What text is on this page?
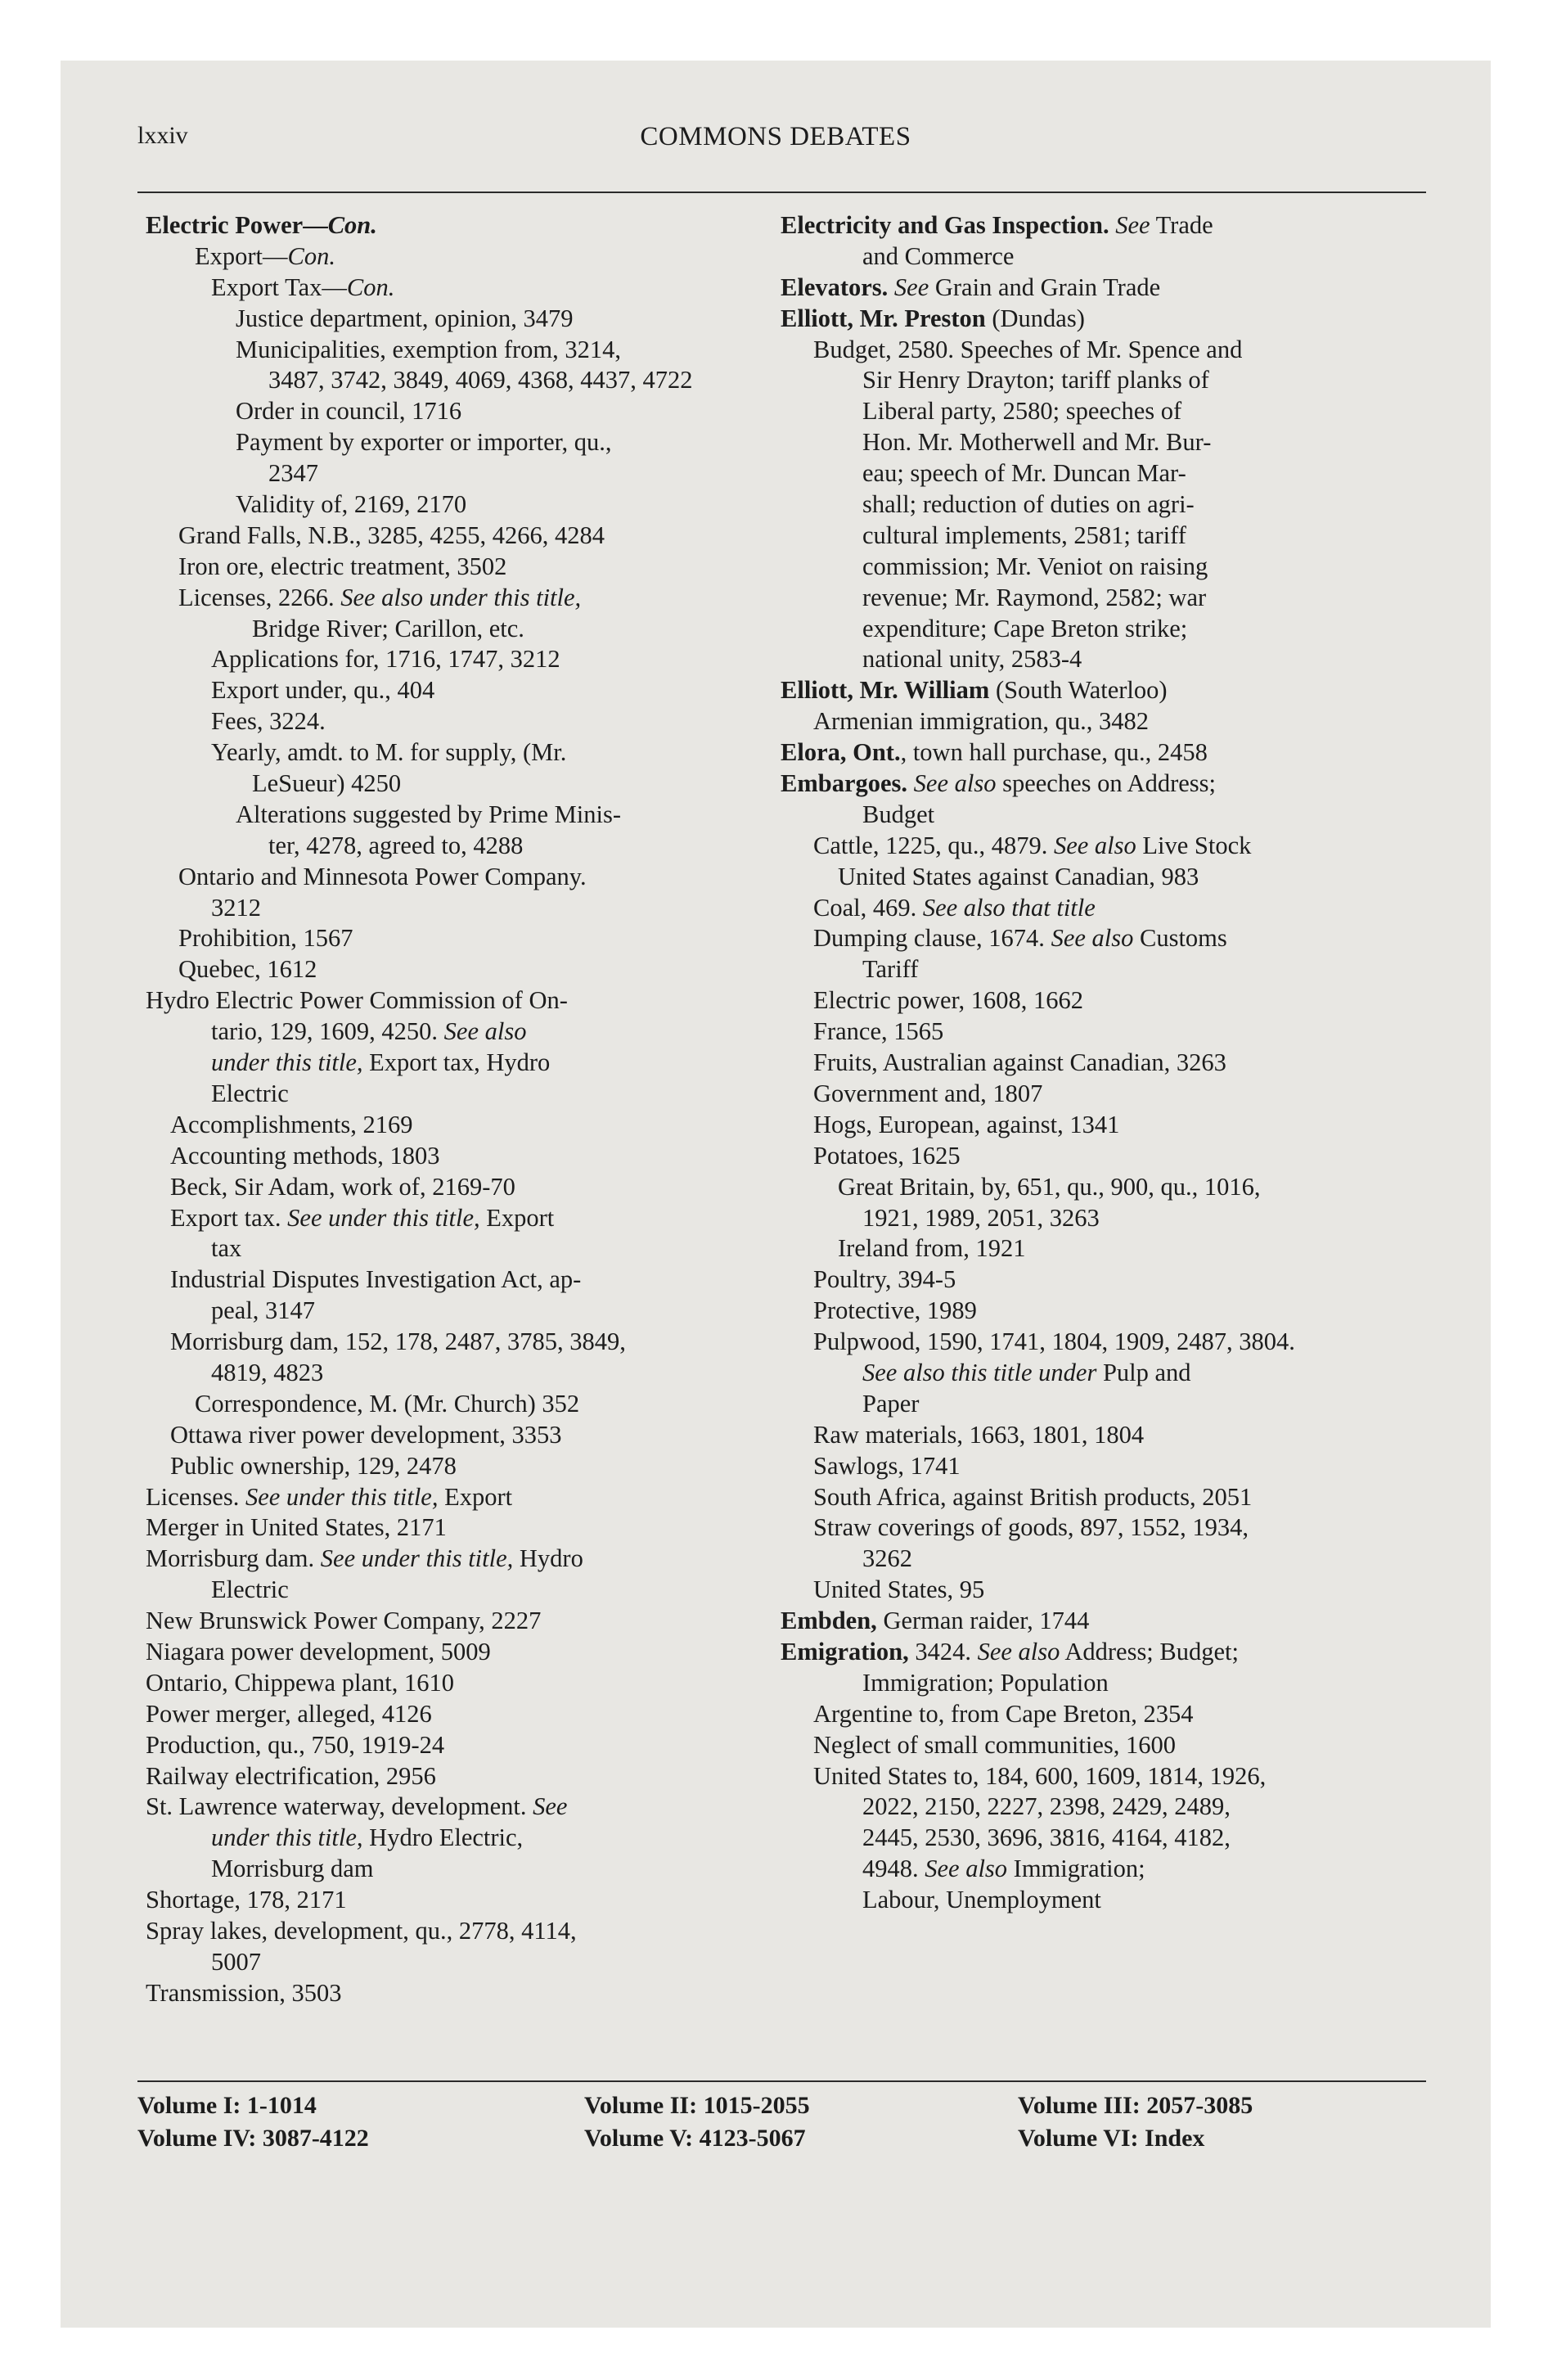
lxxiv	COMMONS DEBATES
Electric Power—Con.
Export—Con.
Export Tax—Con.
Justice department, opinion, 3479
Municipalities, exemption from, 3214,
3487, 3742, 3849, 4069, 4368, 4437, 4722
Order in council, 1716
Payment by exporter or importer, qu.,
2347
Validity of, 2169, 2170
Grand Falls, N.B., 3285, 4255, 4266, 4284
Iron ore, electric treatment, 3502
Licenses, 2266. See also under this title,
Bridge River; Carillon, etc.
Applications for, 1716, 1747, 3212
Export under, qu., 404
Fees, 3224.
Yearly, amdt. to M. for supply, (Mr.
LeSueur) 4250
Alterations suggested by Prime Minis-
ter, 4278, agreed to, 4288
Ontario and Minnesota Power Company.
3212
Prohibition, 1567
Quebec, 1612
Hydro Electric Power Commission of On-
tario, 129, 1609, 4250. See also
under this title, Export tax, Hydro
Electric
Accomplishments, 2169
Accounting methods, 1803
Beck, Sir Adam, work of, 2169-70
Export tax. See under this title, Export
tax
Industrial Disputes Investigation Act, ap-
peal, 3147
Morrisburg dam, 152, 178, 2487, 3785, 3849,
4819, 4823
Correspondence, M. (Mr. Church) 352
Ottawa river power development, 3353
Public ownership, 129, 2478
Licenses. See under this title, Export
Merger in United States, 2171
Morrisburg dam. See under this title, Hydro
Electric
New Brunswick Power Company, 2227
Niagara power development, 5009
Ontario, Chippewa plant, 1610
Power merger, alleged, 4126
Production, qu., 750, 1919-24
Railway electrification, 2956
St. Lawrence waterway, development. See
under this title, Hydro Electric,
Morrisburg dam
Shortage, 178, 2171
Spray lakes, development, qu., 2778, 4114,
5007
Transmission, 3503
Electricity and Gas Inspection. See Trade
and Commerce
Elevators. See Grain and Grain Trade
Elliott, Mr. Preston (Dundas)
Budget, 2580. Speeches of Mr. Spence and
Sir Henry Drayton; tariff planks of
Liberal party, 2580; speeches of
Hon. Mr. Motherwell and Mr. Bur-
eau; speech of Mr. Duncan Mar-
shall; reduction of duties on agri-
cultural implements, 2581; tariff
commission; Mr. Veniot on raising
revenue; Mr. Raymond, 2582; war
expenditure; Cape Breton strike;
national unity, 2583-4
Elliott, Mr. William (South Waterloo)
Armenian immigration, qu., 3482
Elora, Ont., town hall purchase, qu., 2458
Embargoes. See also speeches on Address;
Budget
Cattle, 1225, qu., 4879. See also Live Stock
United States against Canadian, 983
Coal, 469. See also that title
Dumping clause, 1674. See also Customs
Tariff
Electric power, 1608, 1662
France, 1565
Fruits, Australian against Canadian, 3263
Government and, 1807
Hogs, European, against, 1341
Potatoes, 1625
Great Britain, by, 651, qu., 900, qu., 1016,
1921, 1989, 2051, 3263
Ireland from, 1921
Poultry, 394-5
Protective, 1989
Pulpwood, 1590, 1741, 1804, 1909, 2487, 3804.
See also this title under Pulp and
Paper
Raw materials, 1663, 1801, 1804
Sawlogs, 1741
South Africa, against British products, 2051
Straw coverings of goods, 897, 1552, 1934,
3262
United States, 95
Embden, German raider, 1744
Emigration, 3424. See also Address; Budget;
Immigration; Population
Argentine to, from Cape Breton, 2354
Neglect of small communities, 1600
United States to, 184, 600, 1609, 1814, 1926,
2022, 2150, 2227, 2398, 2429, 2489,
2445, 2530, 3696, 3816, 4164, 4182,
4948. See also Immigration;
Labour, Unemployment
Volume I: 1-1014	Volume II: 1015-2055	Volume III: 2057-3085
Volume IV: 3087-4122	Volume V: 4123-5067	Volume VI: Index
